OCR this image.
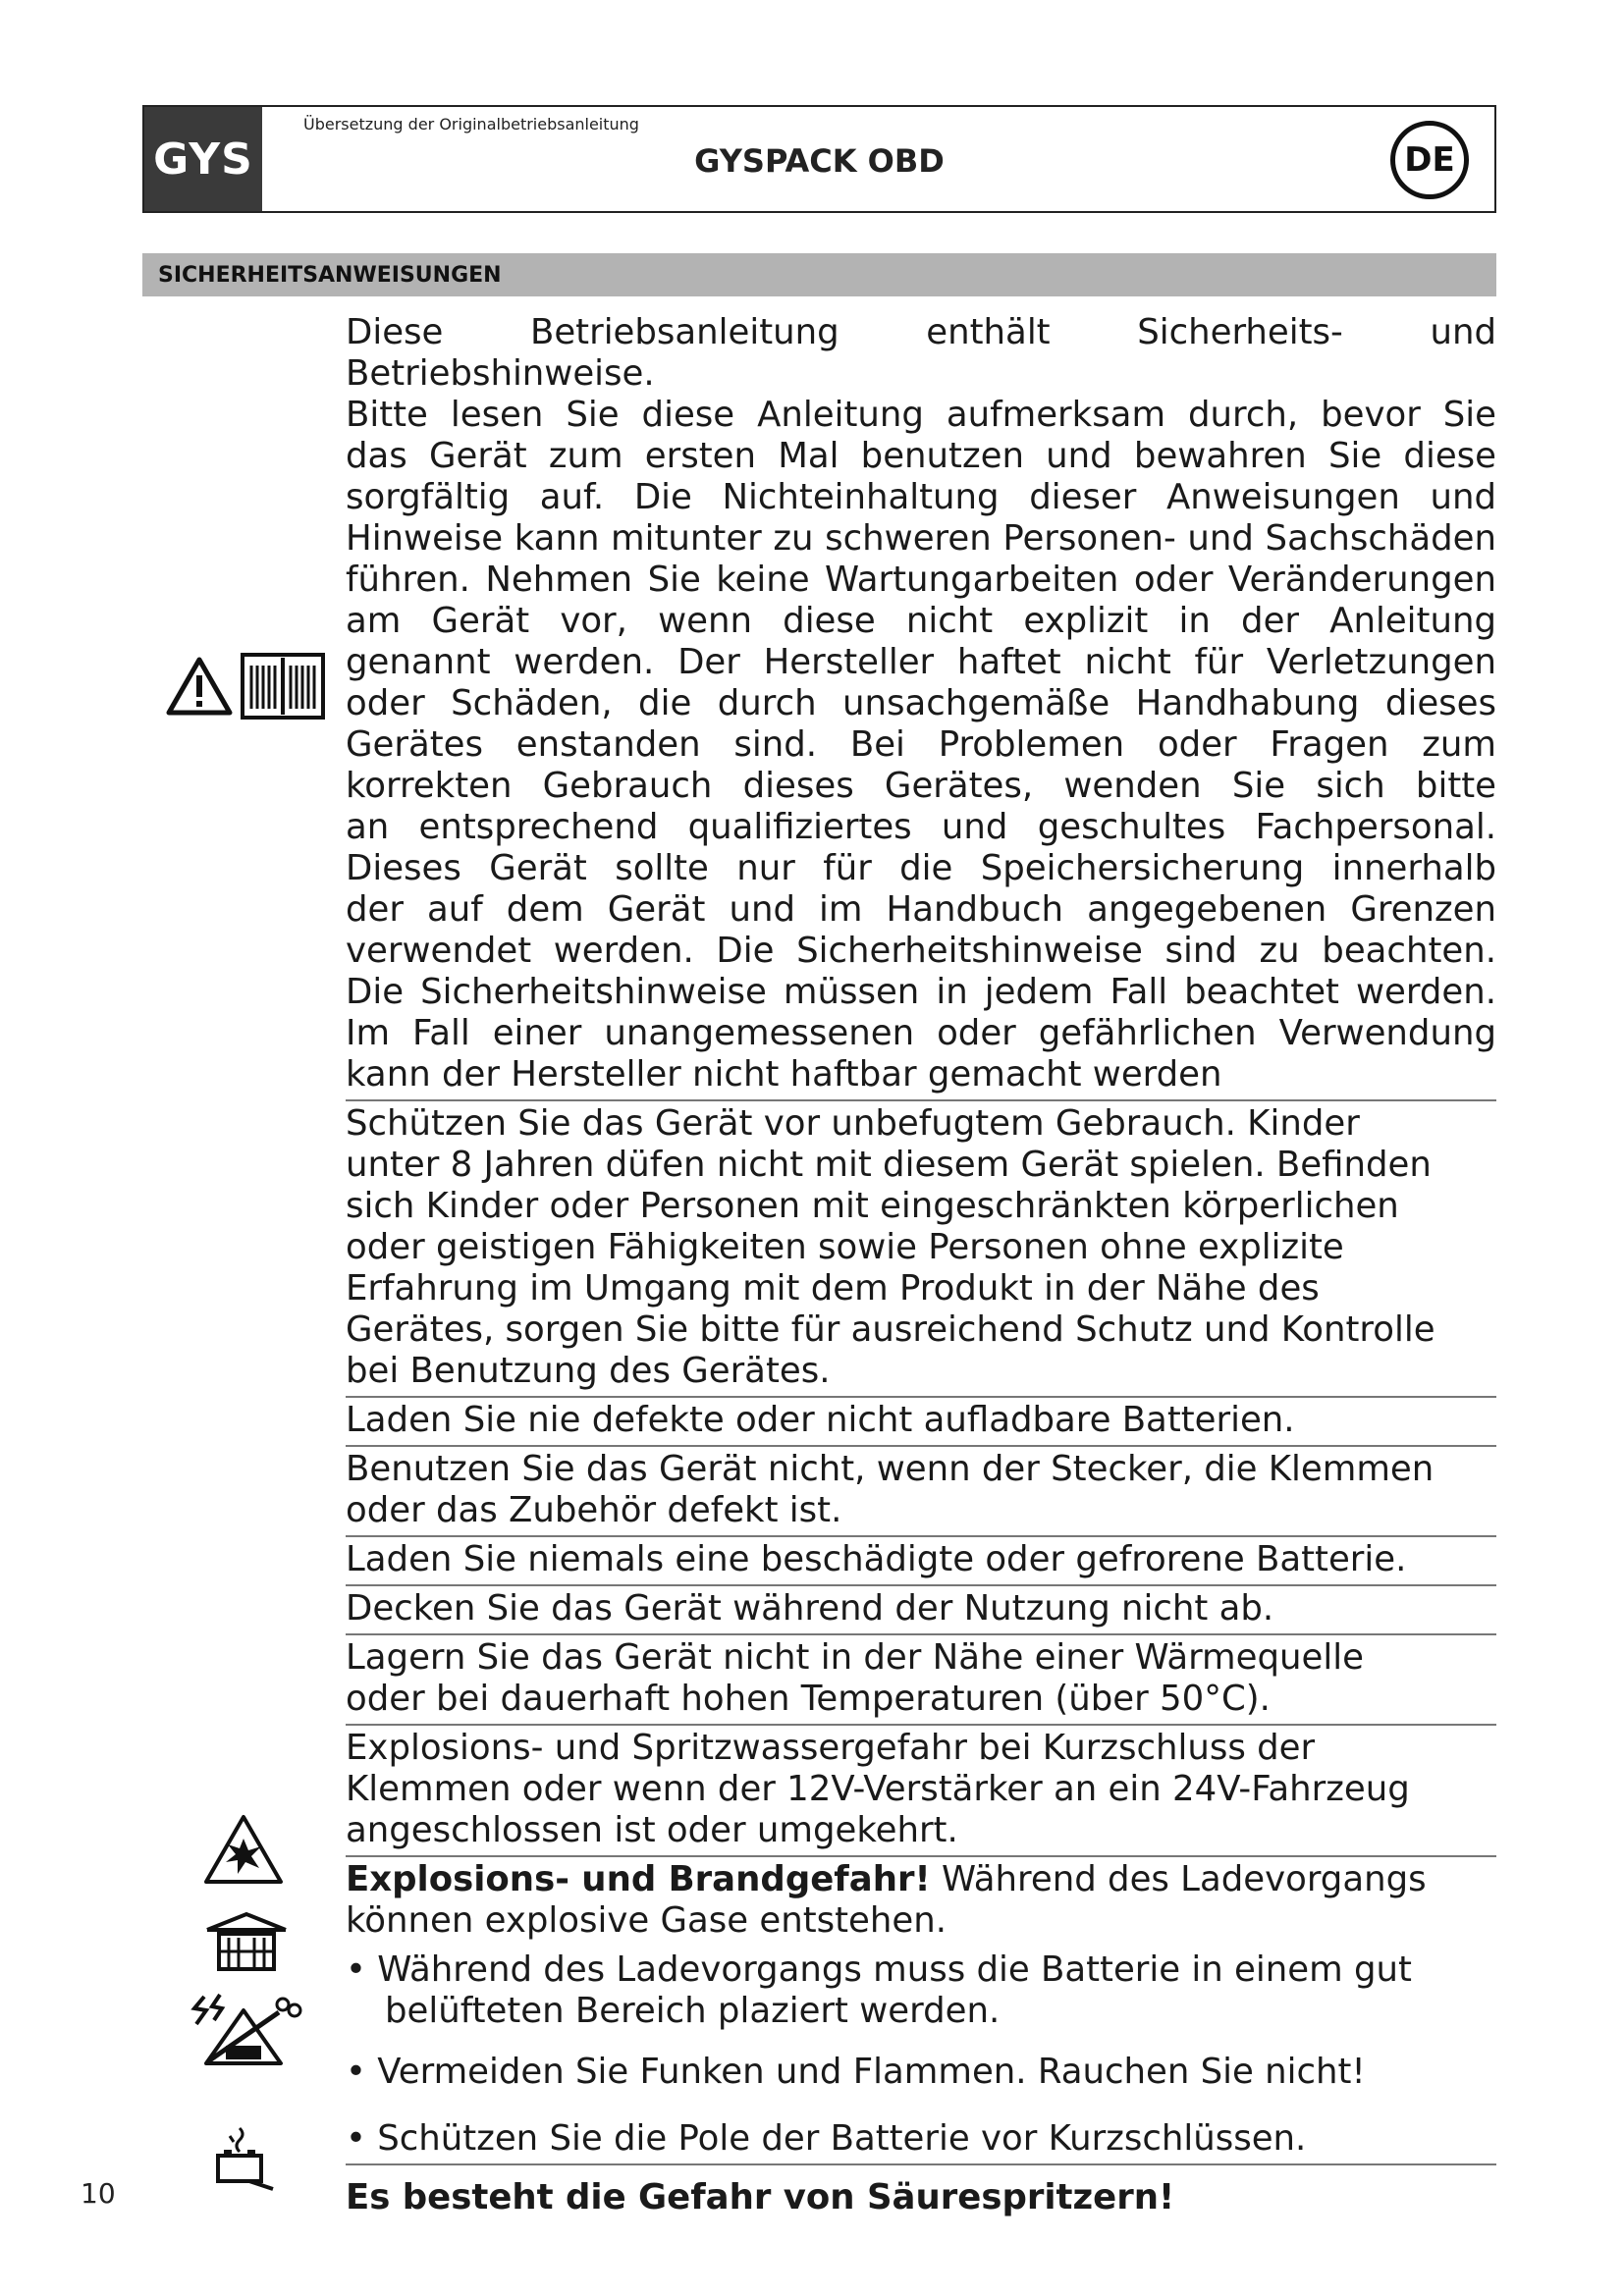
GYS
Übersetzung der Originalbetriebsanleitung
GYSPACK OBD	DE
SICHERHEITSANWEISUNGEN
Diese Betriebsanleitung enthält Sicherheits- und Betriebshinweise.
Bitte lesen Sie diese Anleitung aufmerksam durch, bevor Sie
das Gerät zum ersten Mal benutzen und bewahren Sie diese
sorgfältig auf. Die Nichteinhaltung dieser Anweisungen und
Hinweise kann mitunter zu schweren Personen- und Sachschäden
führen. Nehmen Sie keine Wartungarbeiten oder Veränderungen
am Gerät vor, wenn diese nicht explizit in der Anleitung
genannt werden. Der Hersteller haftet nicht für Verletzungen
oder Schäden, die durch unsachgemäße Handhabung dieses
Gerätes enstanden sind. Bei Problemen oder Fragen zum
korrekten Gebrauch dieses Gerätes, wenden Sie sich bitte
an entsprechend qualifiziertes und geschultes Fachpersonal.
Dieses Gerät sollte nur für die Speichersicherung innerhalb
der auf dem Gerät und im Handbuch angegebenen Grenzen
verwendet werden. Die Sicherheitshinweise sind zu beachten.
Die Sicherheitshinweise müssen in jedem Fall beachtet werden.
Im Fall einer unangemessenen oder gefährlichen Verwendung
kann der Hersteller nicht haftbar gemacht werden
Schützen Sie das Gerät vor unbefugtem Gebrauch. Kinder
unter 8 Jahren düfen nicht mit diesem Gerät spielen. Befinden
sich Kinder oder Personen mit eingeschränkten körperlichen
oder geistigen Fähigkeiten sowie Personen ohne explizite
Erfahrung im Umgang mit dem Produkt in der Nähe des
Gerätes, sorgen Sie bitte für ausreichend Schutz und Kontrolle
bei Benutzung des Gerätes.
Laden Sie nie defekte oder nicht aufladbare Batterien.
Benutzen Sie das Gerät nicht, wenn der Stecker, die Klemmen
oder das Zubehör defekt ist.
Laden Sie niemals eine beschädigte oder gefrorene Batterie.
Decken Sie das Gerät während der Nutzung nicht ab.
Lagern Sie das Gerät nicht in der Nähe einer Wärmequelle
oder bei dauerhaft hohen Temperaturen (über 50°C).
Explosions- und Spritzwassergefahr bei Kurzschluss der
Klemmen oder wenn der 12V-Verstärker an ein 24V-Fahrzeug
angeschlossen ist oder umgekehrt.
Explosions- und Brandgefahr! Während des Ladevorgangs
können explosive Gase entstehen.
• Während des Ladevorgangs muss die Batterie in einem gut
belüfteten Bereich plaziert werden.
• Vermeiden Sie Funken und Flammen. Rauchen Sie nicht!
• Schützen Sie die Pole der Batterie vor Kurzschlüssen.
Es besteht die Gefahr von Säurespritzern!
10
